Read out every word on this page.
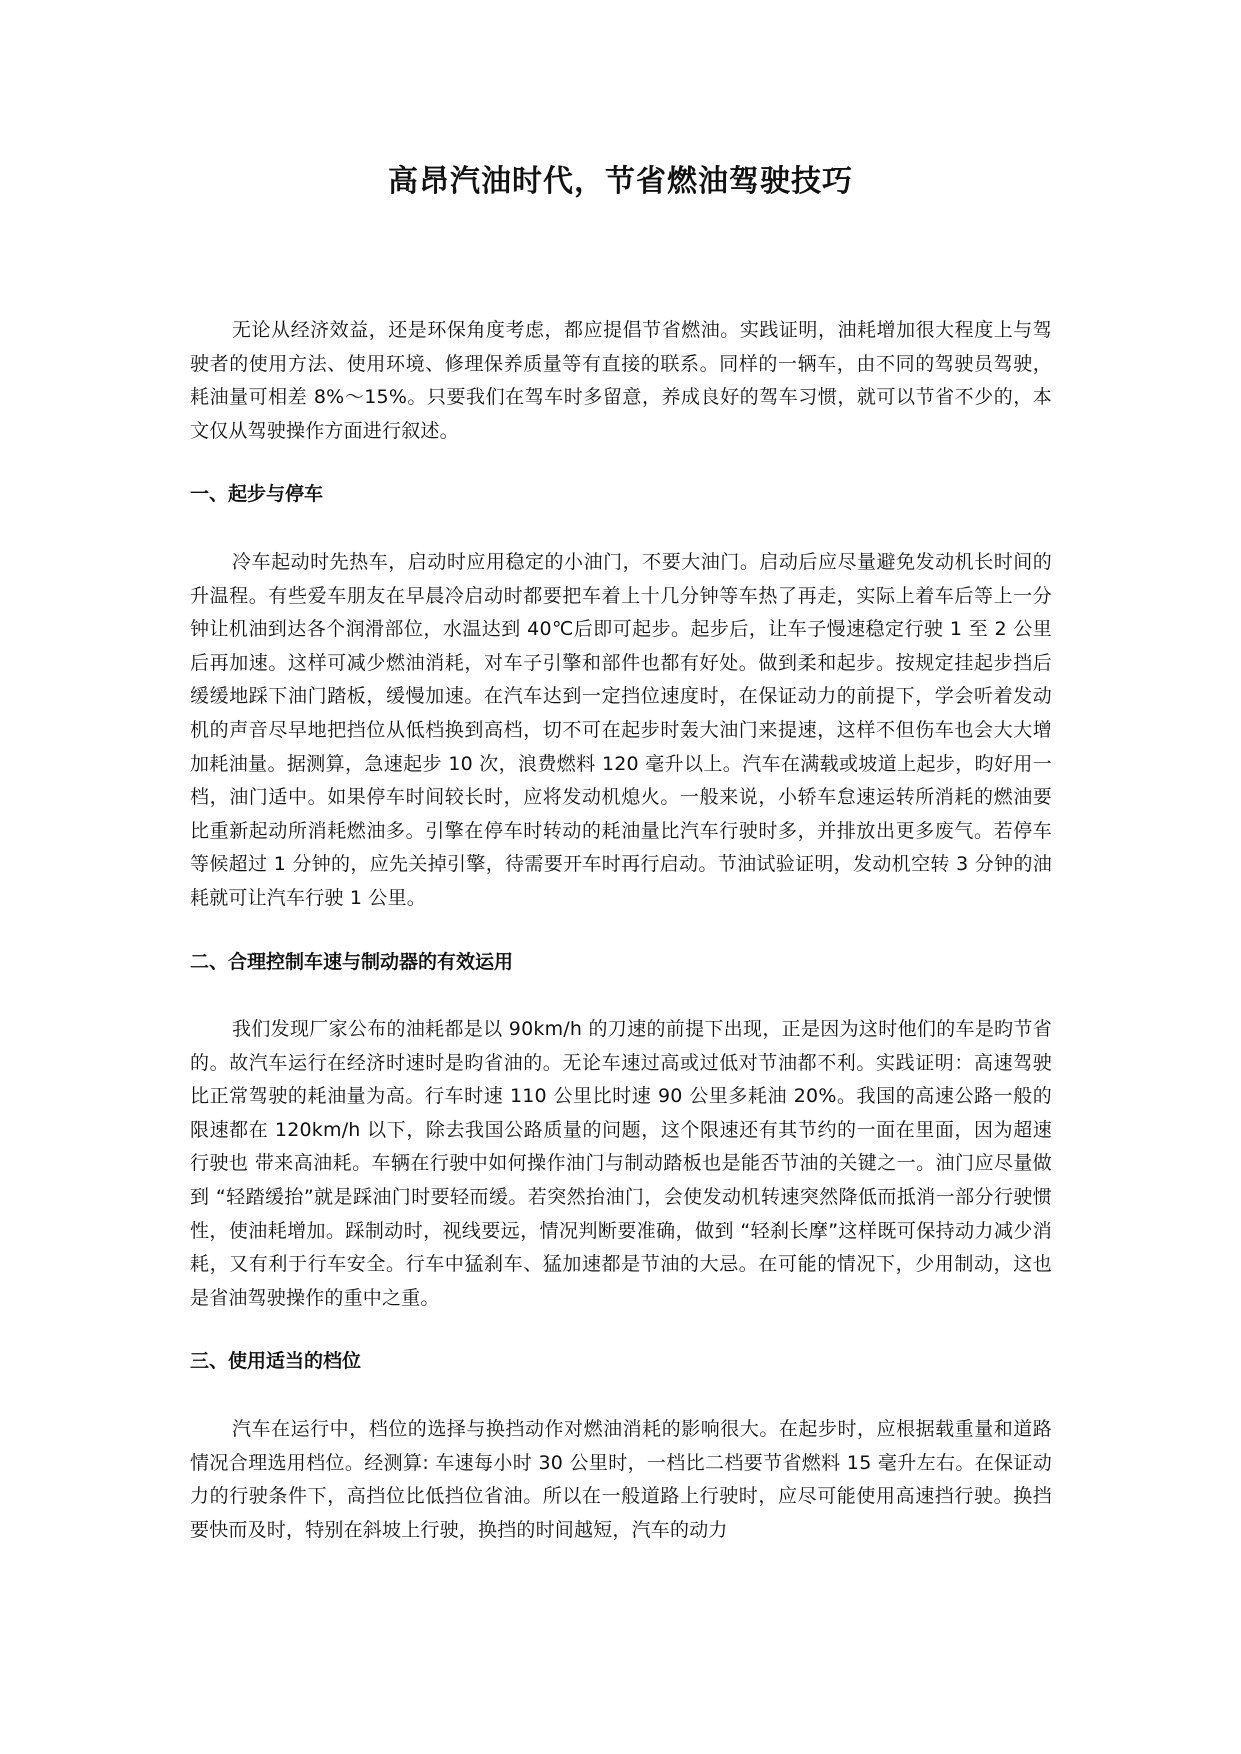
高昂汽油时代，节省燃油驾驶技巧

无论从经济效益，还是环保角度考虑，都应提倡节省燃油。实践证明，油耗增加很大程度上与驾驶者的使用方法、使用环境、修理保养质量等有直接的联系。同样的一辆车，由不同的驾驶员驾驶，耗油量可相差 8%～15%。只要我们在驾车时多留意，养成良好的驾车习惯，就可以节省不少的，本文仅从驾驶操作方面进行叙述。

一、起步与停车

冷车起动时先热车，启动时应用稳定的小油门，不要大油门。启动后应尽量避免发动机长时间的升温程。有些爱车朋友在早晨冷启动时都要把车着上十几分钟等车热了再走，实际上着车后等上一分钟让机油到达各个润滑部位，水温达到 40℃后即可起步。起步后，让车子慢速稳定行驶 1 至 2 公里后再加速。这样可减少燃油消耗，对车子引擎和部件也都有好处。做到柔和起步。按规定挂起步挡后缓缓地踩下油门踏板，缓慢加速。在汽车达到一定挡位速度时，在保证动力的前提下，学会听着发动机的声音尽早地把挡位从低档换到高档，切不可在起步时轰大油门来提速，这样不但伤车也会大大增加耗油量。据测算，急速起步 10 次，浪费燃料 120 毫升以上。汽车在满载或坡道上起步，昀好用一档，油门适中。如果停车时间较长时，应将发动机熄火。一般来说，小轿车怠速运转所消耗的燃油要比重新起动所消耗燃油多。引擎在停车时转动的耗油量比汽车行驶时多，并排放出更多废气。若停车等候超过 1 分钟的，应先关掉引擎，待需要开车时再行启动。节油试验证明，发动机空转 3 分钟的油耗就可让汽车行驶 1 公里。

二、合理控制车速与制动器的有效运用

我们发现厂家公布的油耗都是以 90km/h 的刀速的前提下出现，正是因为这时他们的车是昀节省的。故汽车运行在经济时速时是昀省油的。无论车速过高或过低对节油都不利。实践证明：高速驾驶比正常驾驶的耗油量为高。行车时速 110 公里比时速 90 公里多耗油 20%。我国的高速公路一般的限速都在 120km/h 以下，除去我国公路质量的问题，这个限速还有其节约的一面在里面，因为超速行驶也 带来高油耗。车辆在行驶中如何操作油门与制动踏板也是能否节油的关键之一。油门应尽量做到 “轻踏缓抬”就是踩油门时要轻而缓。若突然抬油门，会使发动机转速突然降低而抵消一部分行驶惯性，使油耗增加。踩制动时，视线要远，情况判断要准确，做到 “轻刹长摩”这样既可保持动力减少消耗，又有利于行车安全。行车中猛刹车、猛加速都是节油的大忌。在可能的情况下，少用制动，这也是省油驾驶操作的重中之重。

三、使用适当的档位

汽车在运行中，档位的选择与换挡动作对燃油消耗的影响很大。在起步时，应根据载重量和道路情况合理选用档位。经测算: 车速每小时 30 公里时，一档比二档要节省燃料 15 毫升左右。在保证动力的行驶条件下，高挡位比低挡位省油。所以在一般道路上行驶时，应尽可能使用高速挡行驶。换挡要快而及时，特别在斜坡上行驶，换挡的时间越短，汽车的动力
